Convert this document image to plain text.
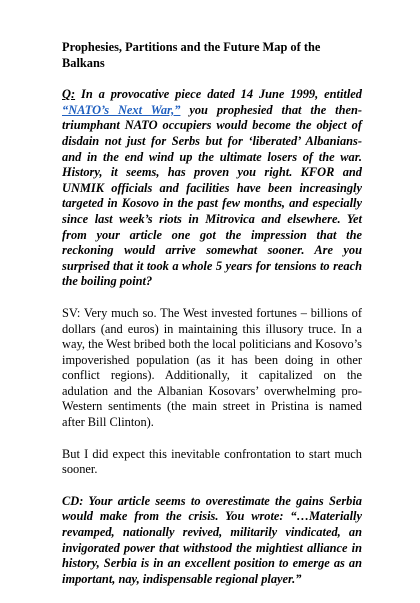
Prophesies, Partitions and the Future Map of the Balkans

Q: In a provocative piece dated 14 June 1999, entitled “NATO’s Next War,” you prophesied that the then-triumphant NATO occupiers would become the object of disdain not just for Serbs but for ‘liberated’ Albanians- and in the end wind up the ultimate losers of the war. History, it seems, has proven you right. KFOR and UNMIK officials and facilities have been increasingly targeted in Kosovo in the past few months, and especially since last week’s riots in Mitrovica and elsewhere. Yet from your article one got the impression that the reckoning would arrive somewhat sooner. Are you surprised that it took a whole 5 years for tensions to reach the boiling point?

SV: Very much so. The West invested fortunes – billions of dollars (and euros) in maintaining this illusory truce. In a way, the West bribed both the local politicians and Kosovo’s impoverished population (as it has been doing in other conflict regions). Additionally, it capitalized on the adulation and the Albanian Kosovars’ overwhelming pro-Western sentiments (the main street in Pristina is named after Bill Clinton).

But I did expect this inevitable confrontation to start much sooner.

CD: Your article seems to overestimate the gains Serbia would make from the crisis. You wrote: “…Materially revamped, nationally revived, militarily vindicated, an invigorated power that withstood the mightiest alliance in history, Serbia is in an excellent position to emerge as an important, nay, indispensable regional player.”
